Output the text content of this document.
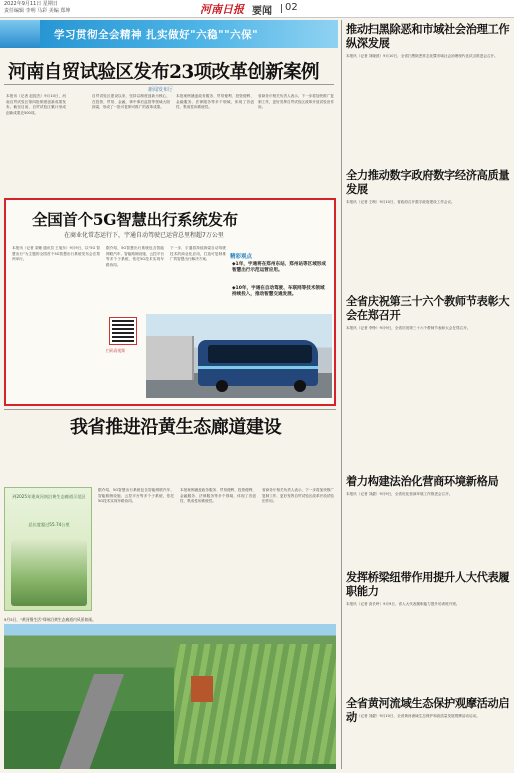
2022年9月11日 星期日
责任编辑 李明 马彩 美编 郑坤	河南日报 要闻 02
学习贯彻全会精神 扎实做好"六稳""六保"
河南自贸试验区发布23项改革创新案例
新闻发布厅
本报讯（记者 赵振杰）9月10日，河南自贸试验区第四批制度创新成果发布。截至目前，自贸试验区累计形成创新成果近500项。
自贸试验区建设以来，坚持以制度创新为核心，在投资、贸易、金融、事中事后监管等领域大胆探索，形成了一批可复制可推广的改革成果。
本批案例涵盖政务服务、贸易便利、投资便利、金融服务、法律服务等多个领域，体现了首创性、集成性和系统性。
省商务厅相关负责人表示，下一步将加快推广复制工作，更好发挥自贸试验区改革开放试验田作用。
全国首个5G智慧出行系统发布
在商业化常态运行下，宇通自动驾驶已运营总里程超7万公里
本报讯（记者 栾姗 通讯员 王旭东）9月9日，以"5G 智慧出行"为主题的全国首个5G智慧出行系统发布会在郑州举行。
据介绍，5G智慧出行系统包含智能网联汽车、智能路侧设施、云控平台等多个子系统，依托5G技术实现车路协同。
下一步，宇通将持续探索自动驾驶技术的商业化应用，打造可复制推广的智慧出行解决方案。	精彩观点
◆1年，宇通将在郑州东站、郑州站等区域形成智慧出行示范运营应用。
◆10年，宇通在自动驾驶、车联网等技术领域持续投入，推动智慧交通发展。
扫码看视频
我省推进沿黄生态廊道建设
到2025年建成河南沿黄生态廊道示范区
总长度超过55.74公里
据介绍，5G智慧出行系统包含智能网联汽车、智能路侧设施、云控平台等多个子系统，依托5G技术实现车路协同。
本批案例涵盖政务服务、贸易便利、投资便利、金融服务、法律服务等多个领域，体现了首创性、集成性和系统性。
省商务厅相关负责人表示，下一步将加快推广复制工作，更好发挥自贸试验区改革开放试验田作用。
9月5日，"黄河慢生活"郑州沿黄生态廊道内风景如画。
推动扫黑除恶和市域社会治理工作纵深发展
本报讯（记者 刘晓波）9月10日，全省扫黑除恶常态化暨市域社会治理现代化试点推进会召开。
全力推动数字政府数字经济高质量发展
本报讯（记者 王映）9月10日，省政府召开数字政府建设工作会议。
全省庆祝第三十六个教师节表彰大会在郑召开
本报讯（记者 李铮）9月9日，全省庆祝第三十六个教师节表彰大会在郑召开。
着力构建法治化营商环境新格局
本报讯（记者 刘勰）9月9日，全省优化营商环境工作推进会召开。
发挥桥梁纽带作用提升人大代表履职能力
本报讯（记者 高长岭）9月9日，省人大代表履职能力提升培训班开班。
全省黄河流域生态保护观摩活动启动
本报讯（记者 刘勰）9月10日，全省黄河流域生态保护和高质量发展观摩活动启动。
